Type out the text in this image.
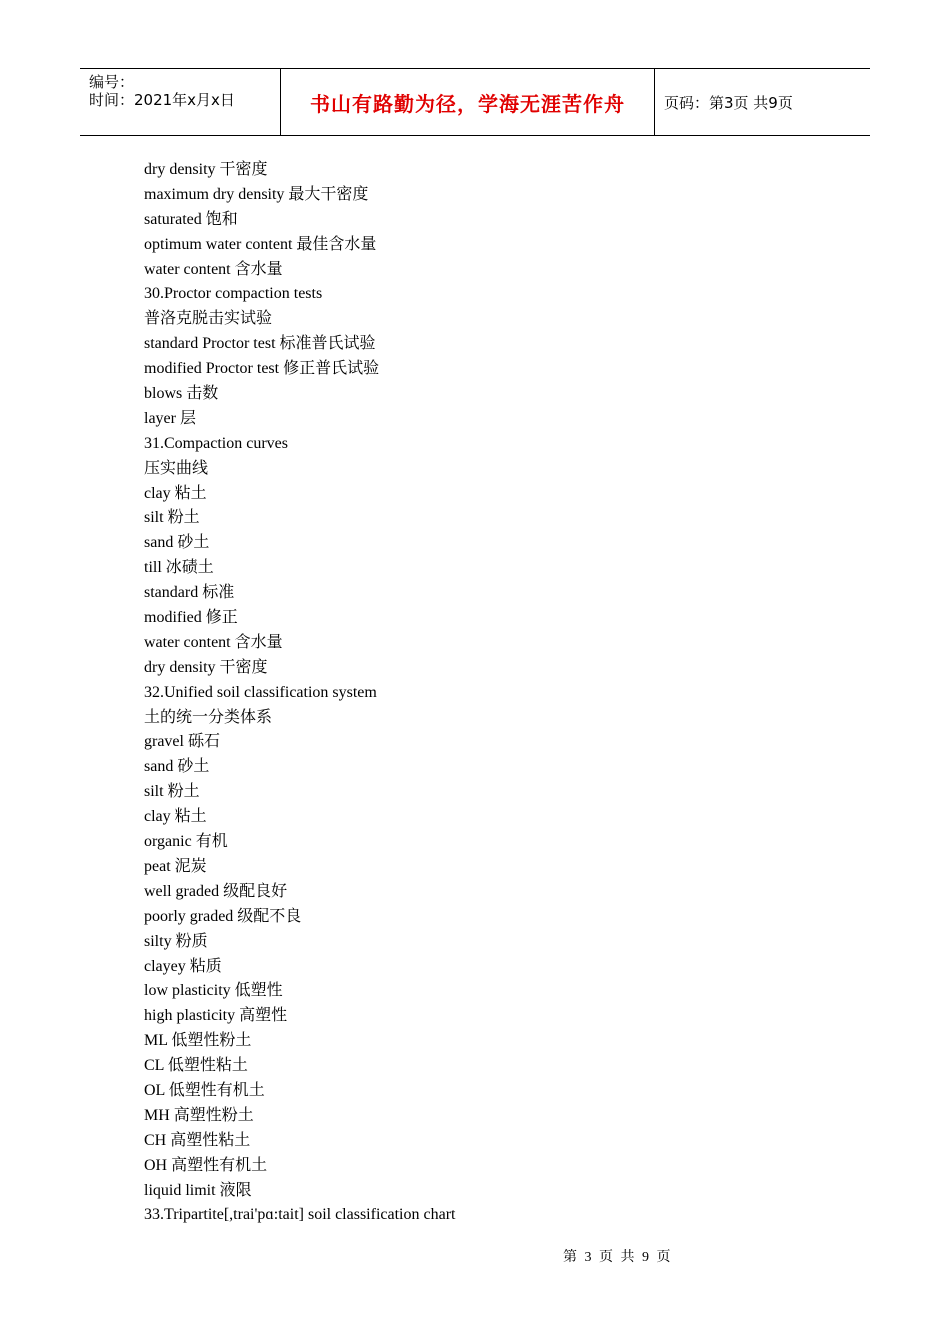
编号：
时间：2021年x月x日	书山有路勤为径，学海无涯苦作舟	页码：第3页 共9页
dry density 干密度
maximum dry density 最大干密度
saturated 饱和
optimum water content 最佳含水量
water content 含水量
30.Proctor compaction tests
普洛克脱击实试验
standard Proctor test 标准普氏试验
modified Proctor test 修正普氏试验
blows 击数
layer 层
31.Compaction curves
压实曲线
clay 粘土
silt 粉土
sand 砂土
till 冰碛土
standard 标准
modified 修正
water content 含水量
dry density 干密度
32.Unified soil classification system
土的统一分类体系
gravel 砾石
sand 砂土
silt 粉土
clay 粘土
organic 有机
peat 泥炭
well graded 级配良好
poorly graded 级配不良
silty 粉质
clayey 粘质
low plasticity 低塑性
high plasticity 高塑性
ML 低塑性粉土
CL 低塑性粘土
OL 低塑性有机土
MH 高塑性粉土
CH 高塑性粘土
OH 高塑性有机土
liquid limit 液限
33.Tripartite[,trai'pɑ:tait] soil classification chart
第 3 页 共 9 页
